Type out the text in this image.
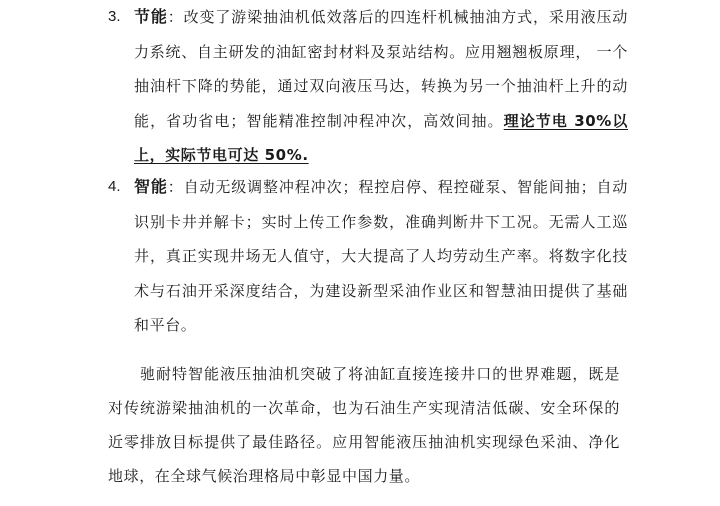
3. 节能：改变了游梁抽油机低效落后的四连杆机械抽油方式，采用液压动力系统、自主研发的油缸密封材料及泵站结构。应用翘翘板原理， 一个抽油杆下降的势能，通过双向液压马达，转换为另一个抽油杆上升的动能，省功省电；智能精准控制冲程冲次，高效间抽。理论节电 30%以上，实际节电可达 50%.
4. 智能：自动无级调整冲程冲次；程控启停、程控碰泵、智能间抽；自动识别卡井并解卡；实时上传工作参数，准确判断井下工况。无需人工巡井，真正实现井场无人值守，大大提高了人均劳动生产率。将数字化技术与石油开采深度结合，为建设新型采油作业区和智慧油田提供了基础和平台。

驰耐特智能液压抽油机突破了将油缸直接连接井口的世界难题，既是对传统游梁抽油机的一次革命，也为石油生产实现清洁低碳、安全环保的近零排放目标提供了最佳路径。应用智能液压抽油机实现绿色采油、净化地球，在全球气候治理格局中彰显中国力量。
